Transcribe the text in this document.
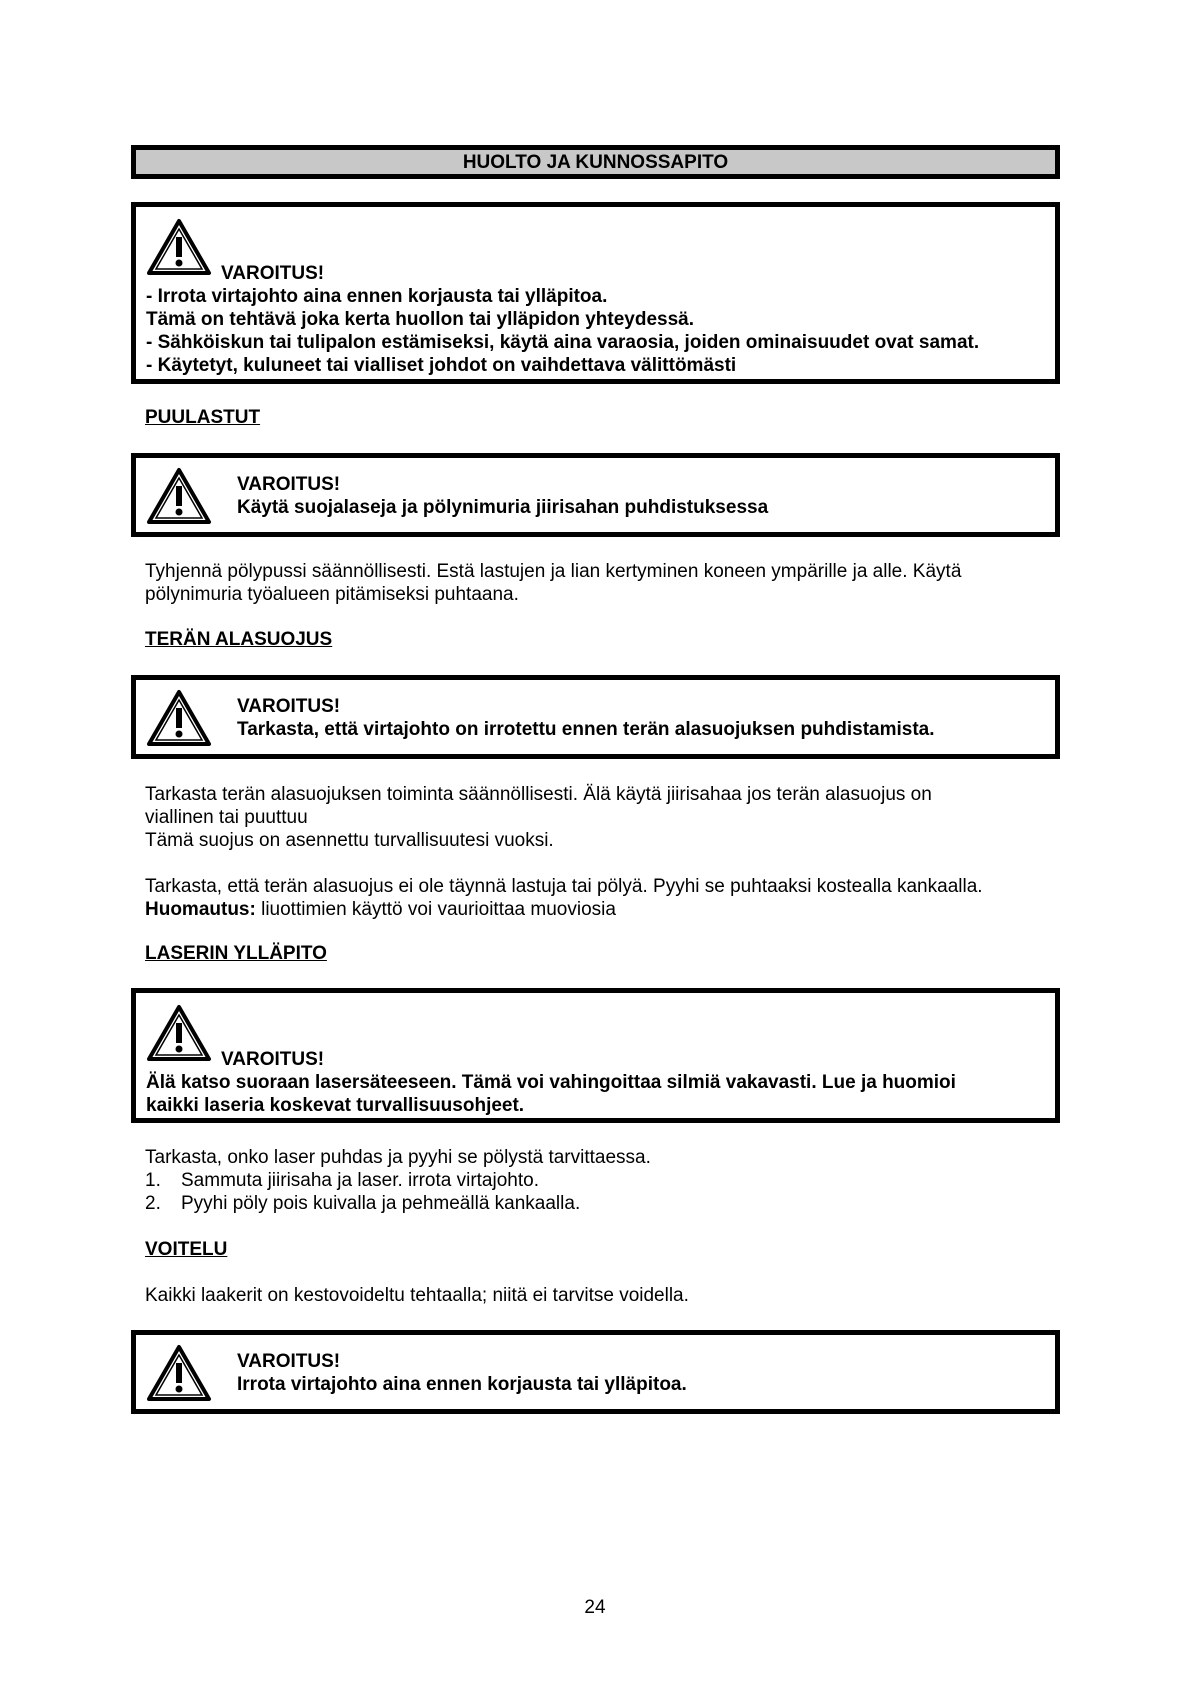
HUOLTO JA KUNNOSSAPITO
VAROITUS!
- Irrota virtajohto aina ennen korjausta tai ylläpitoa.
Tämä on tehtävä joka kerta huollon tai ylläpidon yhteydessä.
- Sähköiskun tai tulipalon estämiseksi, käytä aina varaosia, joiden ominaisuudet ovat samat.
- Käytetyt, kuluneet tai vialliset johdot on vaihdettava välittömästi
PUULASTUT
VAROITUS!
Käytä suojalaseja ja pölynimuria jiirisahan puhdistuksessa
Tyhjennä pölypussi säännöllisesti. Estä lastujen ja lian kertyminen koneen ympärille ja alle. Käytä
pölynimuria työalueen pitämiseksi puhtaana.
TERÄN ALASUOJUS
VAROITUS!
Tarkasta, että virtajohto on irrotettu ennen terän alasuojuksen puhdistamista.
Tarkasta terän alasuojuksen toiminta säännöllisesti. Älä käytä jiirisahaa jos terän alasuojus on
viallinen tai puuttuu
Tämä suojus on asennettu turvallisuutesi vuoksi.
Tarkasta, että terän alasuojus ei ole täynnä lastuja tai pölyä. Pyyhi se puhtaaksi kostealla kankaalla.
Huomautus: liuottimien käyttö voi vaurioittaa muoviosia
LASERIN YLLÄPITO
VAROITUS!
Älä katso suoraan lasersäteeseen. Tämä voi vahingoittaa silmiä vakavasti. Lue ja huomioi
kaikki laseria koskevat turvallisuusohjeet.
Tarkasta, onko laser puhdas ja pyyhi se pölystä tarvittaessa.
1. Sammuta jiirisaha ja laser. irrota virtajohto.
2. Pyyhi pöly pois kuivalla ja pehmeällä kankaalla.
VOITELU
Kaikki laakerit on kestovoideltu tehtaalla; niitä ei tarvitse voidella.
VAROITUS!
Irrota virtajohto aina ennen korjausta tai ylläpitoa.
24
